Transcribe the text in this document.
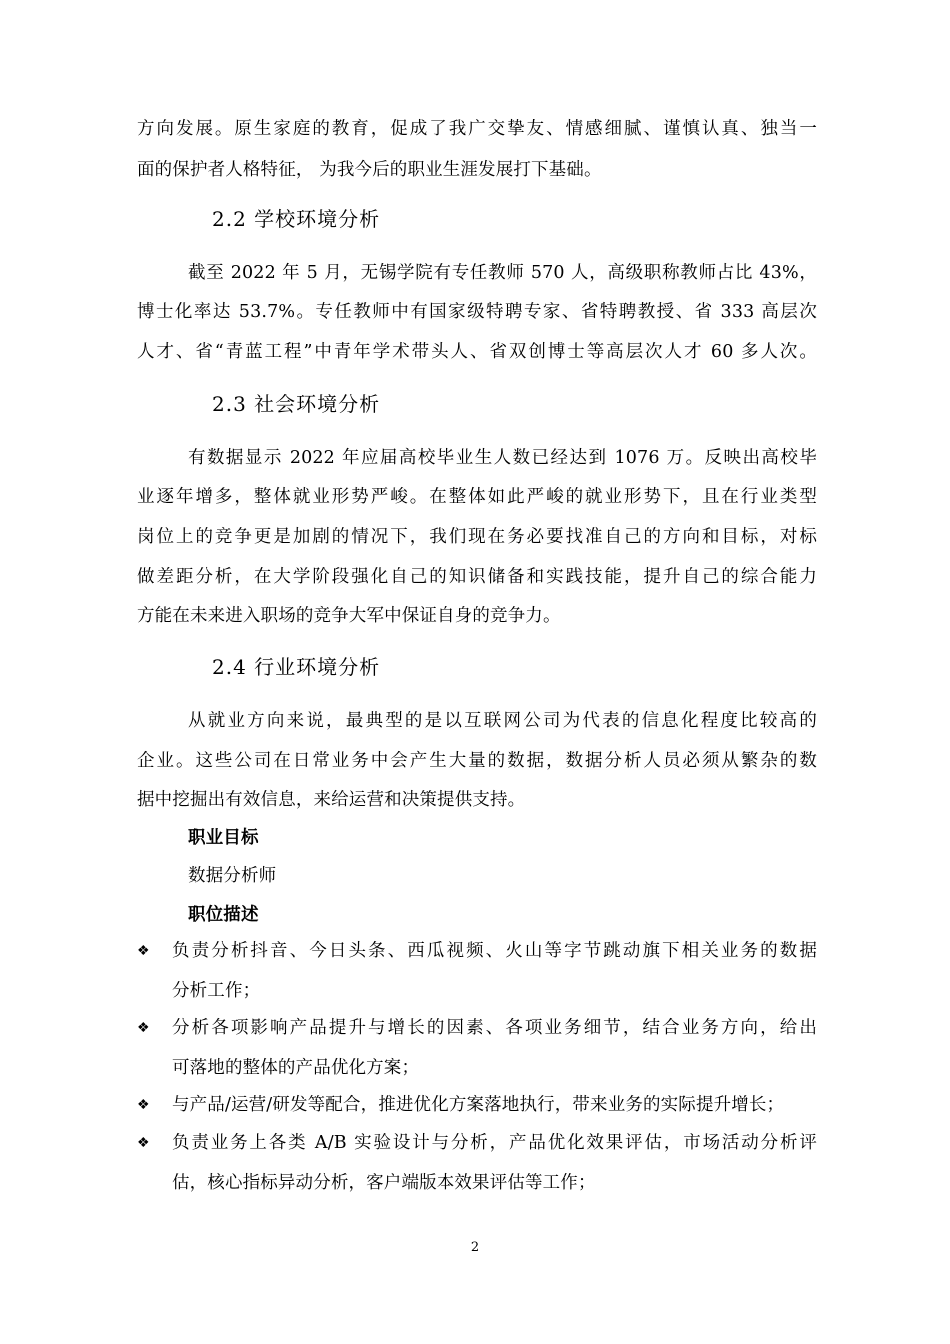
方向发展。原生家庭的教育，促成了我广交挚友、情感细腻、谨慎认真、独当一
面的保护者人格特征， 为我今后的职业生涯发展打下基础。
2.2 学校环境分析
截至 2022 年 5 月，无锡学院有专任教师 570 人，高级职称教师占比 43%，
博士化率达 53.7%。专任教师中有国家级特聘专家、省特聘教授、省 333 高层次
人才、省“青蓝工程”中青年学术带头人、省双创博士等高层次人才 60 多人次。
2.3 社会环境分析
有数据显示 2022 年应届高校毕业生人数已经达到 1076 万。反映出高校毕
业逐年增多，整体就业形势严峻。在整体如此严峻的就业形势下，且在行业类型
岗位上的竞争更是加剧的情况下，我们现在务必要找准自己的方向和目标，对标
做差距分析，在大学阶段强化自己的知识储备和实践技能，提升自己的综合能力
方能在未来进入职场的竞争大军中保证自身的竞争力。
2.4 行业环境分析
从就业方向来说，最典型的是以互联网公司为代表的信息化程度比较高的
企业。这些公司在日常业务中会产生大量的数据，数据分析人员必须从繁杂的数
据中挖掘出有效信息，来给运营和决策提供支持。
职业目标
数据分析师
职位描述
❖ 负责分析抖音、今日头条、西瓜视频、火山等字节跳动旗下相关业务的数据
分析工作；
❖ 分析各项影响产品提升与增长的因素、各项业务细节，结合业务方向，给出
可落地的整体的产品优化方案；
❖ 与产品/运营/研发等配合，推进优化方案落地执行，带来业务的实际提升增长；
❖ 负责业务上各类 A/B 实验设计与分析，产品优化效果评估，市场活动分析评
估，核心指标异动分析，客户端版本效果评估等工作；
2
